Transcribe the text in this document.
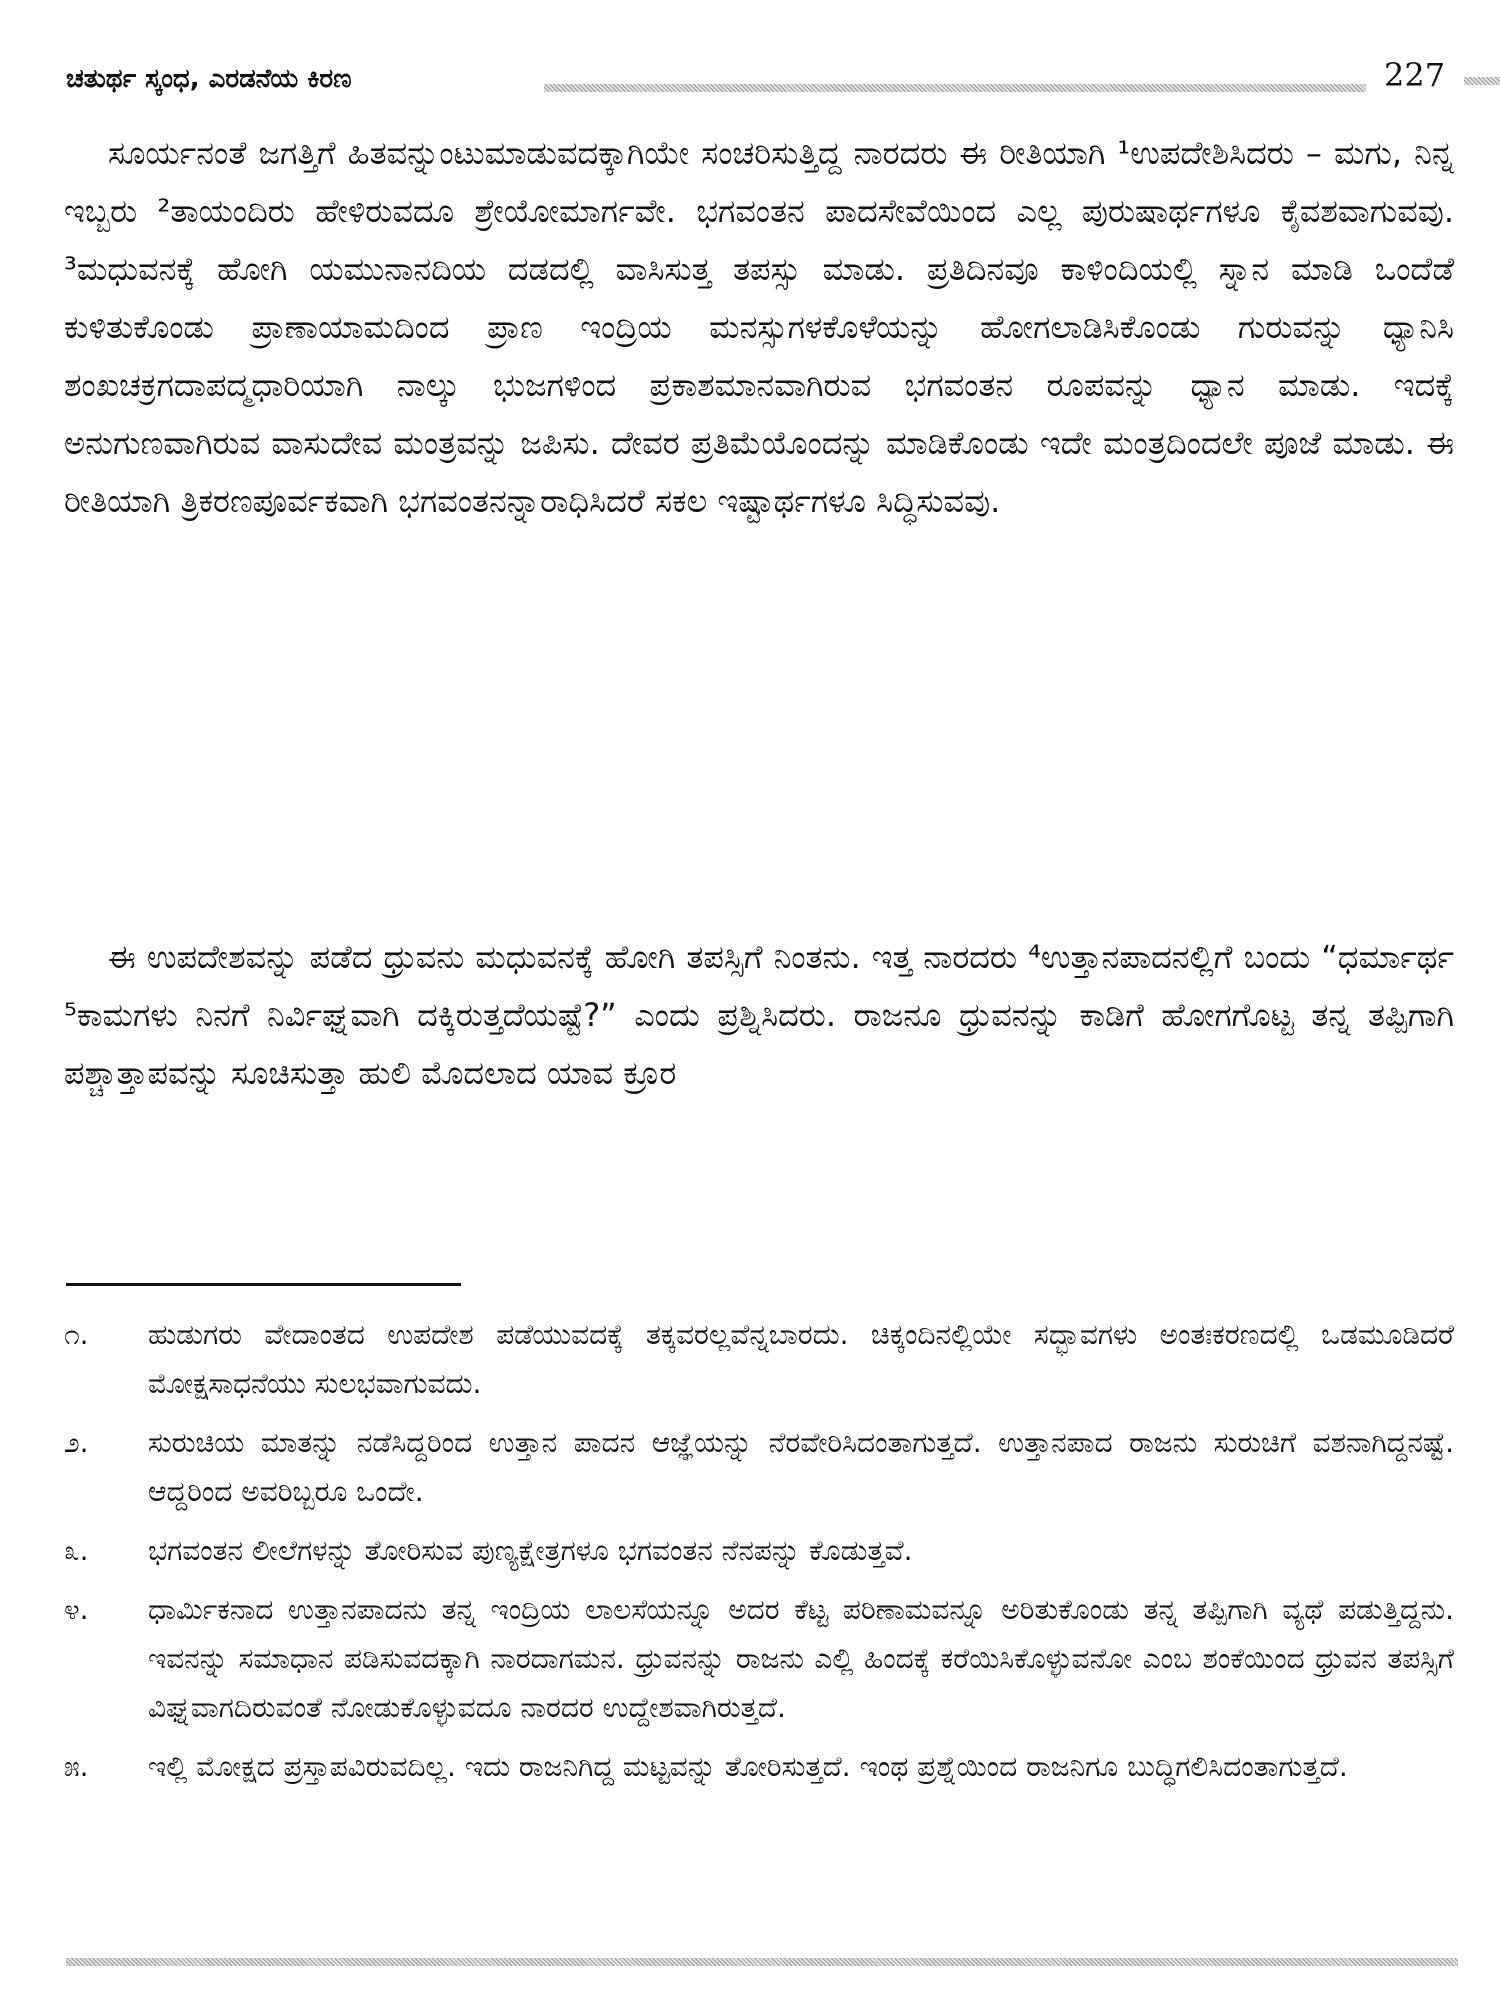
ಚತುರ್ಥ ಸ್ಕಂಧ, ಎರಡನೆಯ ಕಿರಣ	227

ಸೂರ್ಯನಂತೆ ಜಗತ್ತಿಗೆ ಹಿತವನ್ನುಂಟುಮಾಡುವದಕ್ಕಾಗಿಯೇ ಸಂಚರಿಸುತ್ತಿದ್ದ ನಾರದರು ಈ ರೀತಿಯಾಗಿ ¹ಉಪದೇಶಿಸಿದರು – ಮಗು, ನಿನ್ನ ಇಬ್ಬರು ²ತಾಯಂದಿರು ಹೇಳಿರುವದೂ ಶ್ರೇಯೋಮಾರ್ಗವೇ. ಭಗವಂತನ ಪಾದಸೇವೆಯಿಂದ ಎಲ್ಲ ಪುರುಷಾರ್ಥಗಳೂ ಕೈವಶವಾಗುವವು. ³ಮಧುವನಕ್ಕೆ ಹೋಗಿ ಯಮುನಾನದಿಯ ದಡದಲ್ಲಿ ವಾಸಿಸುತ್ತ ತಪಸ್ಸು ಮಾಡು. ಪ್ರತಿದಿನವೂ ಕಾಳಿಂದಿಯಲ್ಲಿ ಸ್ನಾನ ಮಾಡಿ ಒಂದೆಡೆ ಕುಳಿತುಕೊಂಡು ಪ್ರಾಣಾಯಾಮದಿಂದ ಪ್ರಾಣ ಇಂದ್ರಿಯ ಮನಸ್ಸುಗಳಕೊಳೆಯನ್ನು ಹೋಗಲಾಡಿಸಿಕೊಂಡು ಗುರುವನ್ನು ಧ್ಯಾನಿಸಿ ಶಂಖಚಕ್ರಗದಾಪದ್ಮಧಾರಿಯಾಗಿ ನಾಲ್ಕು ಭುಜಗಳಿಂದ ಪ್ರಕಾಶಮಾನವಾಗಿರುವ ಭಗವಂತನ ರೂಪವನ್ನು ಧ್ಯಾನ ಮಾಡು. ಇದಕ್ಕೆ ಅನುಗುಣವಾಗಿರುವ ವಾಸುದೇವ ಮಂತ್ರವನ್ನು ಜಪಿಸು. ದೇವರ ಪ್ರತಿಮೆಯೊಂದನ್ನು ಮಾಡಿಕೊಂಡು ಇದೇ ಮಂತ್ರದಿಂದಲೇ ಪೂಜೆ ಮಾಡು. ಈ ರೀತಿಯಾಗಿ ತ್ರಿಕರಣಪೂರ್ವಕವಾಗಿ ಭಗವಂತನನ್ನಾರಾಧಿಸಿದರೆ ಸಕಲ ಇಷ್ಟಾರ್ಥಗಳೂ ಸಿದ್ಧಿಸುವವು.

ಈ ಉಪದೇಶವನ್ನು ಪಡೆದ ಧ್ರುವನು ಮಧುವನಕ್ಕೆ ಹೋಗಿ ತಪಸ್ಸಿಗೆ ನಿಂತನು. ಇತ್ತ ನಾರದರು ⁴ಉತ್ತಾನಪಾದನಲ್ಲಿಗೆ ಬಂದು “ಧರ್ಮಾರ್ಥ ⁵ಕಾಮಗಳು ನಿನಗೆ ನಿರ್ವಿಘ್ನವಾಗಿ ದಕ್ಕಿರುತ್ತದೆಯಷ್ಟೆ?” ಎಂದು ಪ್ರಶ್ನಿಸಿದರು. ರಾಜನೂ ಧ್ರುವನನ್ನು ಕಾಡಿಗೆ ಹೋಗಗೊಟ್ಟ ತನ್ನ ತಪ್ಪಿಗಾಗಿ ಪಶ್ಚಾತ್ತಾಪವನ್ನು ಸೂಚಿಸುತ್ತಾ ಹುಲಿ ಮೊದಲಾದ ಯಾವ ಕ್ರೂರ

೧.	ಹುಡುಗರು ವೇದಾಂತದ ಉಪದೇಶ ಪಡೆಯುವದಕ್ಕೆ ತಕ್ಕವರಲ್ಲವೆನ್ನಬಾರದು. ಚಿಕ್ಕಂದಿನಲ್ಲಿಯೇ ಸದ್ಭಾವಗಳು ಅಂತಃಕರಣದಲ್ಲಿ ಒಡಮೂಡಿದರೆ ಮೋಕ್ಷಸಾಧನೆಯು ಸುಲಭವಾಗುವದು.

೨.	ಸುರುಚಿಯ ಮಾತನ್ನು ನಡೆಸಿದ್ದರಿಂದ ಉತ್ತಾನ ಪಾದನ ಆಜ್ಞೆಯನ್ನು ನೆರವೇರಿಸಿದಂತಾಗುತ್ತದೆ. ಉತ್ತಾನಪಾದ ರಾಜನು ಸುರುಚಿಗೆ ವಶನಾಗಿದ್ದನಷ್ಟೆ. ಆದ್ದರಿಂದ ಅವರಿಬ್ಬರೂ ಒಂದೇ.

೩.	ಭಗವಂತನ ಲೀಲೆಗಳನ್ನು ತೋರಿಸುವ ಪುಣ್ಯಕ್ಷೇತ್ರಗಳೂ ಭಗವಂತನ ನೆನಪನ್ನು ಕೊಡುತ್ತವೆ.

೪.	ಧಾರ್ಮಿಕನಾದ ಉತ್ತಾನಪಾದನು ತನ್ನ ಇಂದ್ರಿಯ ಲಾಲಸೆಯನ್ನೂ ಅದರ ಕೆಟ್ಟ ಪರಿಣಾಮವನ್ನೂ ಅರಿತುಕೊಂಡು ತನ್ನ ತಪ್ಪಿಗಾಗಿ ವ್ಯಥೆ ಪಡುತ್ತಿದ್ದನು. ಇವನನ್ನು ಸಮಾಧಾನ ಪಡಿಸುವದಕ್ಕಾಗಿ ನಾರದಾಗಮನ. ಧ್ರುವನನ್ನು ರಾಜನು ಎಲ್ಲಿ ಹಿಂದಕ್ಕೆ ಕರೆಯಿಸಿಕೊಳ್ಳುವನೋ ಎಂಬ ಶಂಕೆಯಿಂದ ಧ್ರುವನ ತಪಸ್ಸಿಗೆ ವಿಘ್ನವಾಗದಿರುವಂತೆ ನೋಡುಕೊಳ್ಳುವದೂ ನಾರದರ ಉದ್ದೇಶವಾಗಿರುತ್ತದೆ.

೫.	ಇಲ್ಲಿ ಮೋಕ್ಷದ ಪ್ರಸ್ತಾಪವಿರುವದಿಲ್ಲ. ಇದು ರಾಜನಿಗಿದ್ದ ಮಟ್ಟವನ್ನು ತೋರಿಸುತ್ತದೆ. ಇಂಥ ಪ್ರಶ್ನೆಯಿಂದ ರಾಜನಿಗೂ ಬುದ್ಧಿಗಲಿಸಿದಂತಾಗುತ್ತದೆ.
